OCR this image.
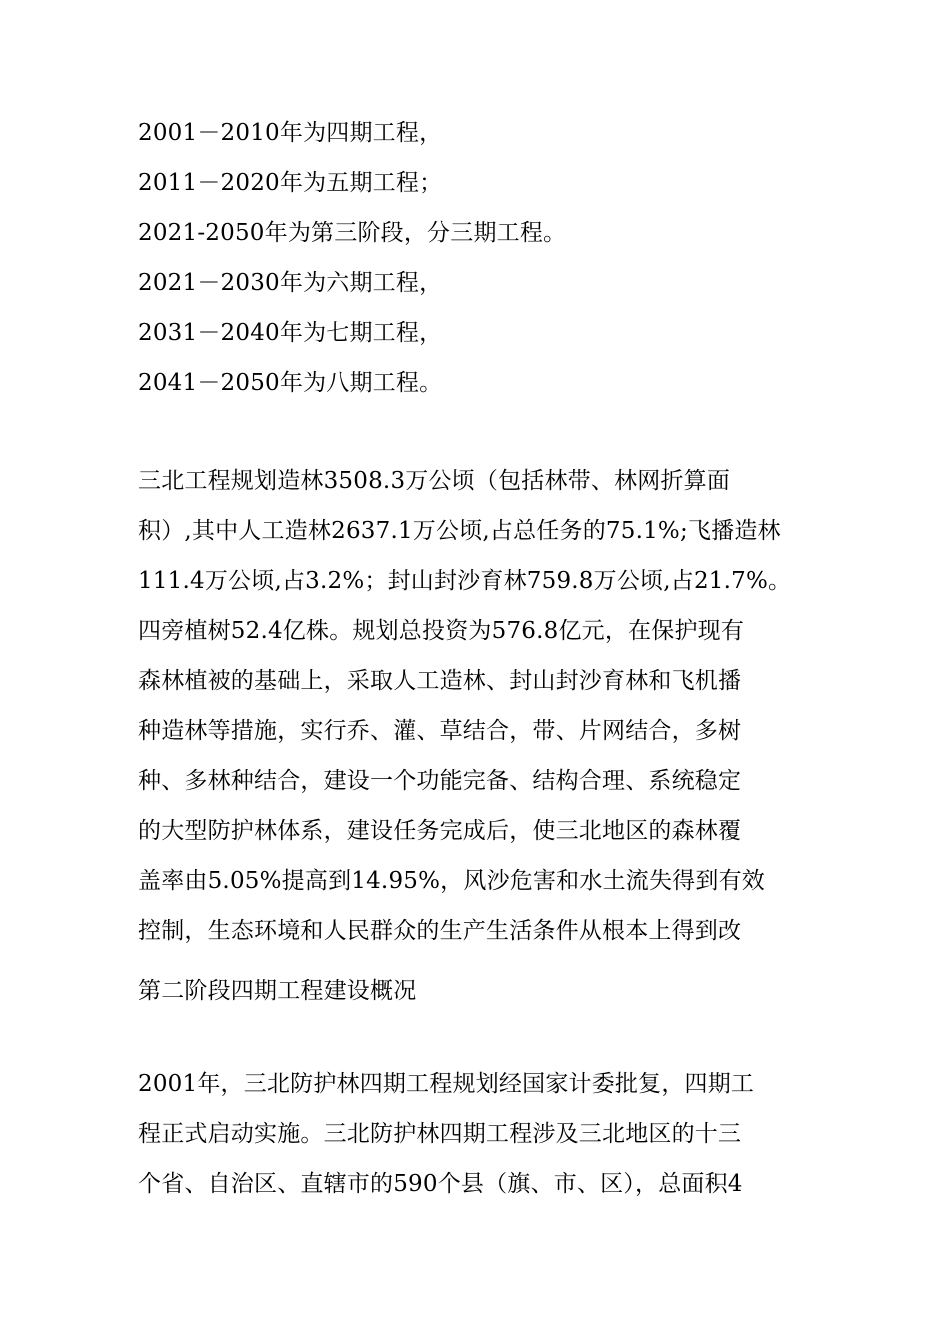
2001－2010年为四期工程，
2011－2020年为五期工程；
2021-2050年为第三阶段，分三期工程。
2021－2030年为六期工程，
2031－2040年为七期工程，
2041－2050年为八期工程。
三北工程规划造林3508.3万公顷（包括林带、林网折算面
积）,其中人工造林2637.1万公顷,占总任务的75.1%;飞播造林
111.4万公顷,占3.2%；封山封沙育林759.8万公顷,占21.7%。
四旁植树52.4亿株。规划总投资为576.8亿元，在保护现有
森林植被的基础上，采取人工造林、封山封沙育林和飞机播
种造林等措施，实行乔、灌、草结合，带、片网结合，多树
种、多林种结合，建设一个功能完备、结构合理、系统稳定
的大型防护林体系，建设任务完成后，使三北地区的森林覆
盖率由5.05%提高到14.95%，风沙危害和水土流失得到有效
控制，生态环境和人民群众的生产生活条件从根本上得到改
第二阶段四期工程建设概况
2001年，三北防护林四期工程规划经国家计委批复，四期工
程正式启动实施。三北防护林四期工程涉及三北地区的十三
个省、自治区、直辖市的590个县（旗、市、区），总面积4
